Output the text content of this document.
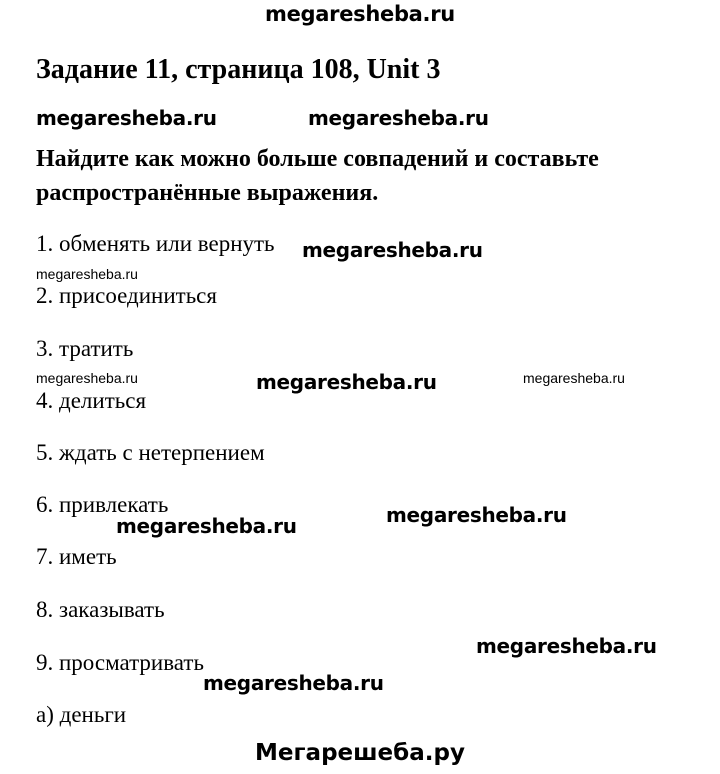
megaresheba.ru
Задание 11, страница 108, Unit 3
megaresheba.ru	megaresheba.ru
Найдите как можно больше совпадений и составьте
распространённые выражения.
1. обменять или вернуть megaresheba.ru
megaresheba.ru
2. присоединиться
3. тратить
megaresheba.ru	megaresheba.ru	megaresheba.ru
4. делиться
5. ждать с нетерпением
6. привлекать	megaresheba.ru
megaresheba.ru
7. иметь
8. заказывать
megaresheba.ru
9. просматривать
megaresheba.ru
а) деньги
Мегарешеба.ру
